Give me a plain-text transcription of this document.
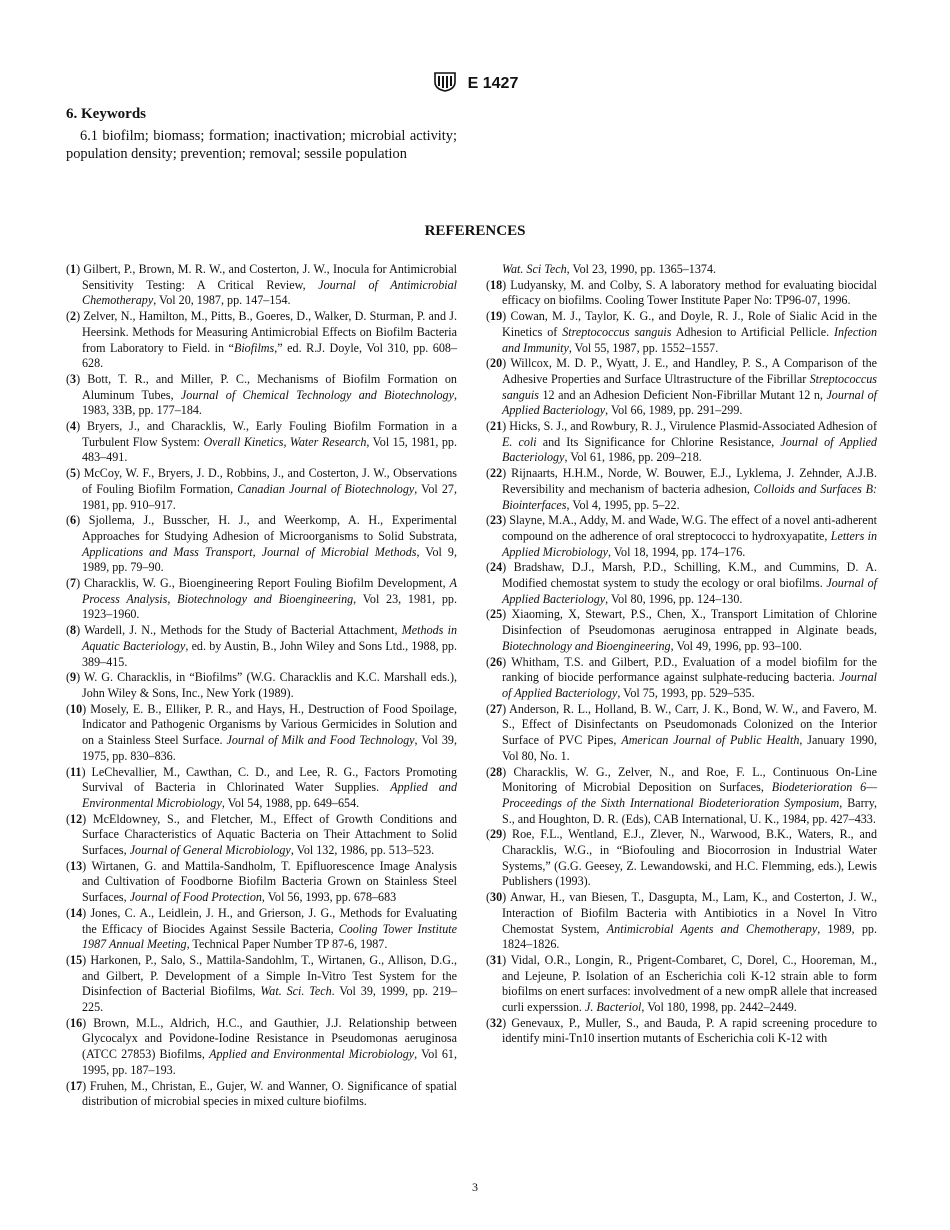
E 1427
6. Keywords

6.1 biofilm; biomass; formation; inactivation; microbial activity; population density; prevention; removal; sessile population

REFERENCES
(1) Gilbert, P., Brown, M. R. W., and Costerton, J. W., Inocula for Antimicrobial Sensitivity Testing: A Critical Review, Journal of Antimicrobial Chemotherapy, Vol 20, 1987, pp. 147–154.
(2) Zelver, N., Hamilton, M., Pitts, B., Goeres, D., Walker, D. Sturman, P. and J. Heersink. Methods for Measuring Antimicrobial Effects on Biofilm Bacteria from Laboratory to Field. in “Biofilms,” ed. R.J. Doyle, Vol 310, pp. 608–628.
(3) Bott, T. R., and Miller, P. C., Mechanisms of Biofilm Formation on Aluminum Tubes, Journal of Chemical Technology and Biotechnology, 1983, 33B, pp. 177–184.
(4) Bryers, J., and Characklis, W., Early Fouling Biofilm Formation in a Turbulent Flow System: Overall Kinetics, Water Research, Vol 15, 1981, pp. 483–491.
(5) McCoy, W. F., Bryers, J. D., Robbins, J., and Costerton, J. W., Observations of Fouling Biofilm Formation, Canadian Journal of Biotechnology, Vol 27, 1981, pp. 910–917.
(6) Sjollema, J., Busscher, H. J., and Weerkomp, A. H., Experimental Approaches for Studying Adhesion of Microorganisms to Solid Substrata, Applications and Mass Transport, Journal of Microbial Methods, Vol 9, 1989, pp. 79–90.
(7) Characklis, W. G., Bioengineering Report Fouling Biofilm Development, A Process Analysis, Biotechnology and Bioengineering, Vol 23, 1981, pp. 1923–1960.
(8) Wardell, J. N., Methods for the Study of Bacterial Attachment, Methods in Aquatic Bacteriology, ed. by Austin, B., John Wiley and Sons Ltd., 1988, pp. 389–415.
(9) W. G. Characklis, in “Biofilms” (W.G. Characklis and K.C. Marshall eds.), John Wiley & Sons, Inc., New York (1989).
(10) Mosely, E. B., Elliker, P. R., and Hays, H., Destruction of Food Spoilage, Indicator and Pathogenic Organisms by Various Germicides in Solution and on a Stainless Steel Surface. Journal of Milk and Food Technology, Vol 39, 1975, pp. 830–836.
(11) LeChevallier, M., Cawthan, C. D., and Lee, R. G., Factors Promoting Survival of Bacteria in Chlorinated Water Supplies. Applied and Environmental Microbiology, Vol 54, 1988, pp. 649–654.
(12) McEldowney, S., and Fletcher, M., Effect of Growth Conditions and Surface Characteristics of Aquatic Bacteria on Their Attachment to Solid Surfaces, Journal of General Microbiology, Vol 132, 1986, pp. 513–523.
(13) Wirtanen, G. and Mattila-Sandholm, T. Epifluorescence Image Analysis and Cultivation of Foodborne Biofilm Bacteria Grown on Stainless Steel Surfaces, Journal of Food Protection, Vol 56, 1993, pp. 678–683
(14) Jones, C. A., Leidlein, J. H., and Grierson, J. G., Methods for Evaluating the Efficacy of Biocides Against Sessile Bacteria, Cooling Tower Institute 1987 Annual Meeting, Technical Paper Number TP 87-6, 1987.
(15) Harkonen, P., Salo, S., Mattila-Sandohlm, T., Wirtanen, G., Allison, D.G., and Gilbert, P. Development of a Simple In-Vitro Test System for the Disinfection of Bacterial Biofilms, Wat. Sci. Tech. Vol 39, 1999, pp. 219–225.
(16) Brown, M.L., Aldrich, H.C., and Gauthier, J.J. Relationship between Glycocalyx and Povidone-Iodine Resistance in Pseudomonas aeruginosa (ATCC 27853) Biofilms, Applied and Environmental Microbiology, Vol 61, 1995, pp. 187–193.
(17) Fruhen, M., Christan, E., Gujer, W. and Wanner, O. Significance of spatial distribution of microbial species in mixed culture biofilms.
Wat. Sci Tech, Vol 23, 1990, pp. 1365–1374.
(18) Ludyansky, M. and Colby, S. A laboratory method for evaluating biocidal efficacy on biofilms. Cooling Tower Institute Paper No: TP96-07, 1996.
(19) Cowan, M. J., Taylor, K. G., and Doyle, R. J., Role of Sialic Acid in the Kinetics of Streptococcus sanguis Adhesion to Artificial Pellicle. Infection and Immunity, Vol 55, 1987, pp. 1552–1557.
(20) Willcox, M. D. P., Wyatt, J. E., and Handley, P. S., A Comparison of the Adhesive Properties and Surface Ultrastructure of the Fibrillar Streptococcus sanguis 12 and an Adhesion Deficient Non-Fibrillar Mutant 12 n, Journal of Applied Bacteriology, Vol 66, 1989, pp. 291–299.
(21) Hicks, S. J., and Rowbury, R. J., Virulence Plasmid-Associated Adhesion of E. coli and Its Significance for Chlorine Resistance, Journal of Applied Bacteriology, Vol 61, 1986, pp. 209–218.
(22) Rijnaarts, H.H.M., Norde, W. Bouwer, E.J., Lyklema, J. Zehnder, A.J.B. Reversibility and mechanism of bacteria adhesion, Colloids and Surfaces B: Biointerfaces, Vol 4, 1995, pp. 5–22.
(23) Slayne, M.A., Addy, M. and Wade, W.G. The effect of a novel anti-adherent compound on the adherence of oral streptococci to hydroxyapatite, Letters in Applied Microbiology, Vol 18, 1994, pp. 174–176.
(24) Bradshaw, D.J., Marsh, P.D., Schilling, K.M., and Cummins, D. A. Modified chemostat system to study the ecology or oral biofilms. Journal of Applied Bacteriology, Vol 80, 1996, pp. 124–130.
(25) Xiaoming, X, Stewart, P.S., Chen, X., Transport Limitation of Chlorine Disinfection of Pseudomonas aeruginosa entrapped in Alginate beads, Biotechnology and Bioengineering, Vol 49, 1996, pp. 93–100.
(26) Whitham, T.S. and Gilbert, P.D., Evaluation of a model biofilm for the ranking of biocide performance against sulphate-reducing bacteria. Journal of Applied Bacteriology, Vol 75, 1993, pp. 529–535.
(27) Anderson, R. L., Holland, B. W., Carr, J. K., Bond, W. W., and Favero, M. S., Effect of Disinfectants on Pseudomonads Colonized on the Interior Surface of PVC Pipes, American Journal of Public Health, January 1990, Vol 80, No. 1.
(28) Characklis, W. G., Zelver, N., and Roe, F. L., Continuous On-Line Monitoring of Microbial Deposition on Surfaces, Biodeterioration 6—Proceedings of the Sixth International Biodeterioration Symposium, Barry, S., and Houghton, D. R. (Eds), CAB International, U. K., 1984, pp. 427–433.
(29) Roe, F.L., Wentland, E.J., Zlever, N., Warwood, B.K., Waters, R., and Characklis, W.G., in “Biofouling and Biocorrosion in Industrial Water Systems,” (G.G. Geesey, Z. Lewandowski, and H.C. Flemming, eds.), Lewis Publishers (1993).
(30) Anwar, H., van Biesen, T., Dasgupta, M., Lam, K., and Costerton, J. W., Interaction of Biofilm Bacteria with Antibiotics in a Novel In Vitro Chemostat System, Antimicrobial Agents and Chemotherapy, 1989, pp. 1824–1826.
(31) Vidal, O.R., Longin, R., Prigent-Combaret, C, Dorel, C., Hooreman, M., and Lejeune, P. Isolation of an Escherichia coli K-12 strain able to form biofilms on enert surfaces: involvedment of a new ompR allele that increased curli experssion. J. Bacteriol, Vol 180, 1998, pp. 2442–2449.
(32) Genevaux, P., Muller, S., and Bauda, P. A rapid screening procedure to identify mini-Tn10 insertion mutants of Escherichia coli K-12 with
3
